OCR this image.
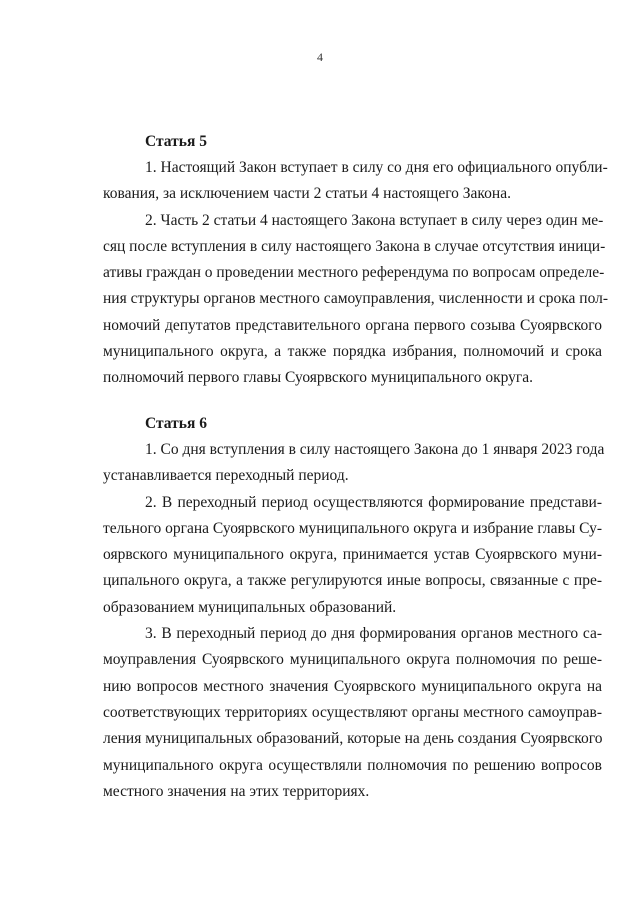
4
Статья 5
1. Настоящий Закон вступает в силу со дня его официального опубли-
кования, за исключением части 2 статьи 4 настоящего Закона.
2. Часть 2 статьи 4 настоящего Закона вступает в силу через один ме-
сяц после вступления в силу настоящего Закона в случае отсутствия иници-
ативы граждан о проведении местного референдума по вопросам определе-
ния структуры органов местного самоуправления, численности и срока пол-
номочий депутатов представительного органа первого созыва Суоярвского
муниципального округа, а также порядка избрания, полномочий и срока
полномочий первого главы Суоярвского муниципального округа.
Статья 6
1. Со дня вступления в силу настоящего Закона до 1 января 2023 года
устанавливается переходный период.
2. В переходный период осуществляются формирование представи-
тельного органа Суоярвского муниципального округа и избрание главы Су-
оярвского муниципального округа, принимается устав Суоярвского муни-
ципального округа, а также регулируются иные вопросы, связанные с пре-
образованием муниципальных образований.
3. В переходный период до дня формирования органов местного са-
моуправления Суоярвского муниципального округа полномочия по реше-
нию вопросов местного значения Суоярвского муниципального округа на
соответствующих территориях осуществляют органы местного самоуправ-
ления муниципальных образований, которые на день создания Суоярвского
муниципального округа осуществляли полномочия по решению вопросов
местного значения на этих территориях.
